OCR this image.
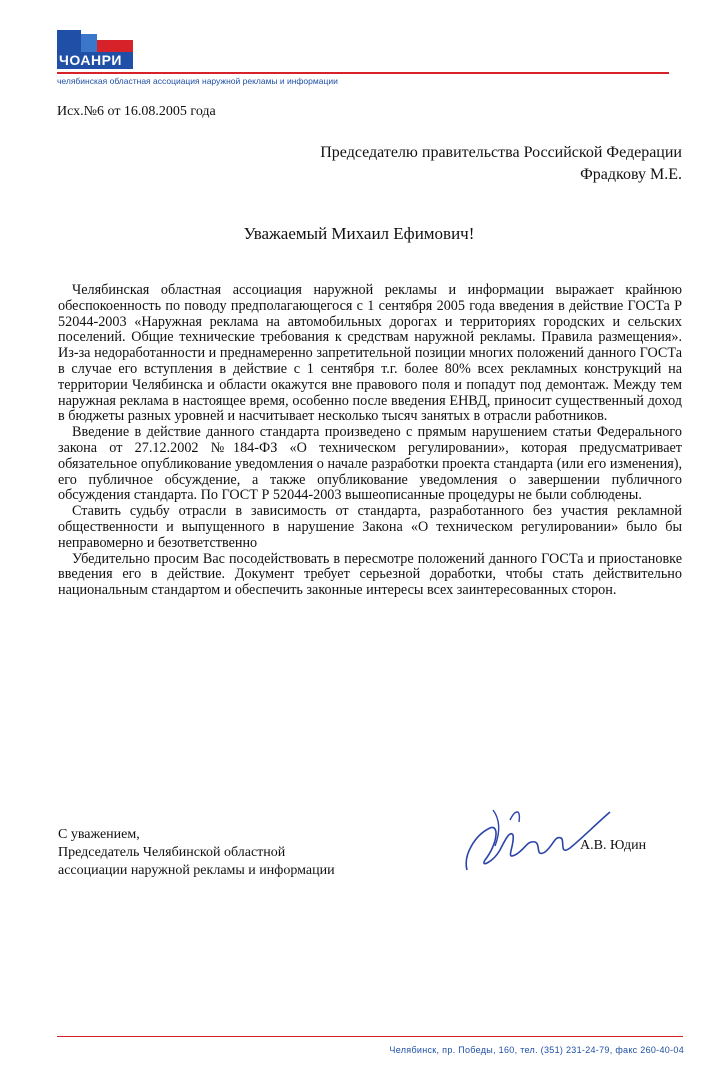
ЧОАНРИ
челябинская областная ассоциация наружной рекламы и информации
Исх.№6 от 16.08.2005 года
Председателю правительства Российской Федерации
Фрадкову М.Е.
Уважаемый Михаил Ефимович!

Челябинская областная ассоциация наружной рекламы и информации выражает крайнюю обеспокоенность по поводу предполагающегося с 1 сентября 2005 года введения в действие ГОСТа Р 52044-2003 «Наружная реклама на автомобильных дорогах и территориях городских и сельских поселений. Общие технические требования к средствам наружной рекламы. Правила размещения». Из-за недоработанности и преднамеренно запретительной позиции многих положений данного ГОСТа в случае его вступления в действие с 1 сентября т.г. более 80% всех рекламных конструкций на территории Челябинска и области окажутся вне правового поля и попадут под демонтаж. Между тем наружная реклама в настоящее время, особенно после введения ЕНВД, приносит существенный доход в бюджеты разных уровней и насчитывает несколько тысяч занятых в отрасли работников.

Введение в действие данного стандарта произведено с прямым нарушением статьи Федерального закона от 27.12.2002 №184-ФЗ «О техническом регулировании», которая предусматривает обязательное опубликование уведомления о начале разработки проекта стандарта (или его изменения), его публичное обсуждение, а также опубликование уведомления о завершении публичного обсуждения стандарта. По ГОСТ Р 52044-2003 вышеописанные процедуры не были соблюдены.

Ставить судьбу отрасли в зависимость от стандарта, разработанного без участия рекламной общественности и выпущенного в нарушение Закона «О техническом регулировании» было бы неправомерно и безответственно

Убедительно просим Вас посодействовать в пересмотре положений данного ГОСТа и приостановке введения его в действие. Документ требует серьезной доработки, чтобы стать действительно национальным стандартом и обеспечить законные интересы всех заинтересованных сторон.

С уважением,
Председатель Челябинской областной
ассоциации наружной рекламы и информации
А.В. Юдин
Челябинск, пр. Победы, 160, тел. (351) 231-24-79, факс 260-40-04
